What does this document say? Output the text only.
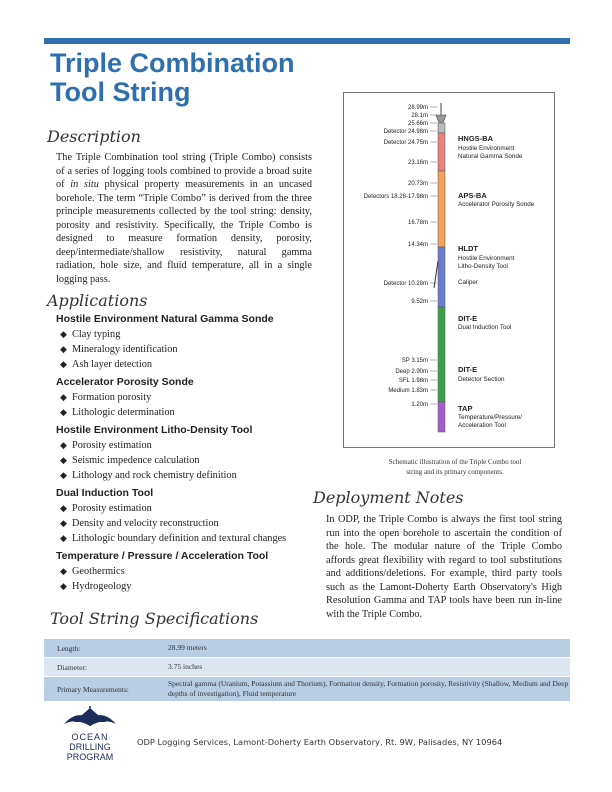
Triple Combination
Tool String
Description
The Triple Combination tool string (Triple Combo) consists of a series of logging tools combined to provide a broad suite of in situ physical property measurements in an uncased borehole. The term “Triple Combo” is derived from the three principle measurements collected by the tool string: density, porosity and resistivity. Specifically, the Triple Combo is designed to measure formation density, porosity, deep/intermediate/shallow resistivity, natural gamma radiation, hole size, and fluid temperature, all in a single logging pass.
Applications
Hostile Environment Natural Gamma Sonde
◆ Clay typing
◆ Mineralogy identification
◆ Ash layer detection
Accelerator Porosity Sonde
◆ Formation porosity
◆ Lithologic determination
Hostile Environment Litho-Density Tool
◆ Porosity estimation
◆ Seismic impedence calculation
◆ Lithology and rock chemistry definition
Dual Induction Tool
◆ Porosity estimation
◆ Density and velocity reconstruction
◆ Lithologic boundary definition and textural changes
Temperature / Pressure / Acceleration Tool
◆ Geothermics
◆ Hydrogeology
28.99m
28.1m
25.66m
Detector 24.98m
Detector 24.75m
23.16m
20.73m
Detectors 18.28-17.98m
16.78m
14.34m
Detector 10.28m
9.52m
SP 3.15m
Deep 2.90m
SFL 1.98m
Medium 1.83m
1.20m
HNGS-BA
Hostile Environment
Natural Gamma Sonde
APS-BA
Accelerator Porosity Sonde
HLDT
Hostile Environment
Litho-Density Tool
Caliper
DIT-E
Dual Induction Tool
DIT-E
Detector Section
TAP
Temperature/Pressure/
Acceleration Tool
Schematic illustration of the Triple Combo tool string and its primary components.
Deployment Notes
In ODP, the Triple Combo is always the first tool string run into the open borehole to ascertain the condition of the hole. The modular nature of the Triple Combo affords great flexibility with regard to tool substitutions and additions/deletions. For example, third party tools such as the Lamont-Doherty Earth Observatory's High Resolution Gamma and TAP tools have been run in-line with the Triple Combo.
Tool String Specifications
Length:	28.99 meters
Diameter:	3.75 inches
Primary Measurements:
Spectral gamma (Uranium, Potassium and Thorium), Formation density, Formation porosity, Resistivity (Shallow, Medium and Deep depths of investigation), Fluid temperature
OCEAN
DRILLING
PROGRAM
ODP Logging Services, Lamont-Doherty Earth Observatory, Rt. 9W, Palisades, NY 10964
